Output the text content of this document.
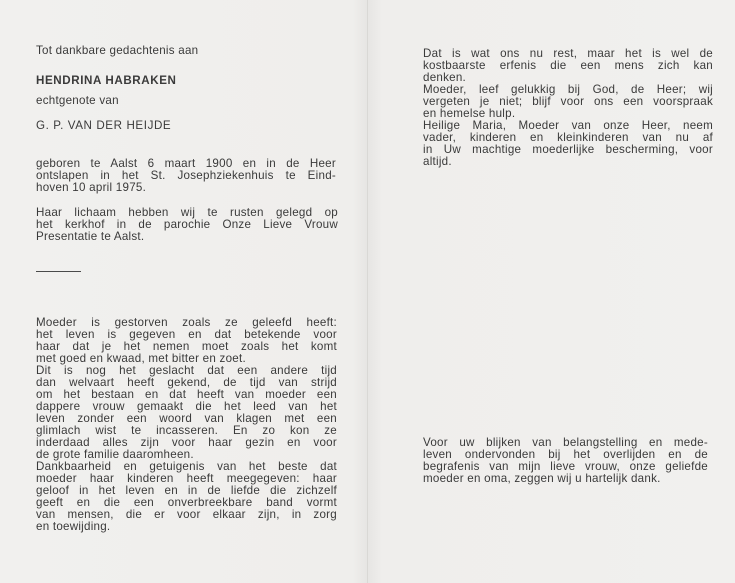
Tot dankbare gedachtenis aan

HENDRINA HABRAKEN

echtgenote van

G. P. VAN DER HEIJDE

geboren te Aalst 6 maart 1900 en in de Heer

ontslapen in het St. Josephziekenhuis te Eind-

hoven 10 april 1975.

Haar lichaam hebben wij te rusten gelegd op

het kerkhof in de parochie Onze Lieve Vrouw

Presentatie te Aalst.

Moeder is gestorven zoals ze geleefd heeft:

het leven is gegeven en dat betekende voor

haar dat je het nemen moet zoals het komt

met goed en kwaad, met bitter en zoet.

Dit is nog het geslacht dat een andere tijd

dan welvaart heeft gekend, de tijd van strijd

om het bestaan en dat heeft van moeder een

dappere vrouw gemaakt die het leed van het

leven zonder een woord van klagen met een

glimlach wist te incasseren. En zo kon ze

inderdaad alles zijn voor haar gezin en voor

de grote familie daaromheen.

Dankbaarheid en getuigenis van het beste dat

moeder haar kinderen heeft meegegeven: haar

geloof in het leven en in de liefde die zichzelf

geeft en die een onverbreekbare band vormt

van mensen, die er voor elkaar zijn, in zorg

en toewijding.

Dat is wat ons nu rest, maar het is wel de

kostbaarste erfenis die een mens zich kan

denken.

Moeder, leef gelukkig bij God, de Heer; wij

vergeten je niet; blijf voor ons een voorspraak

en hemelse hulp.

Heilige Maria, Moeder van onze Heer, neem

vader, kinderen en kleinkinderen van nu af

in Uw machtige moederlijke bescherming, voor

altijd.

Voor uw blijken van belangstelling en mede-

leven ondervonden bij het overlijden en de

begrafenis van mijn lieve vrouw, onze geliefde

moeder en oma, zeggen wij u hartelijk dank.
